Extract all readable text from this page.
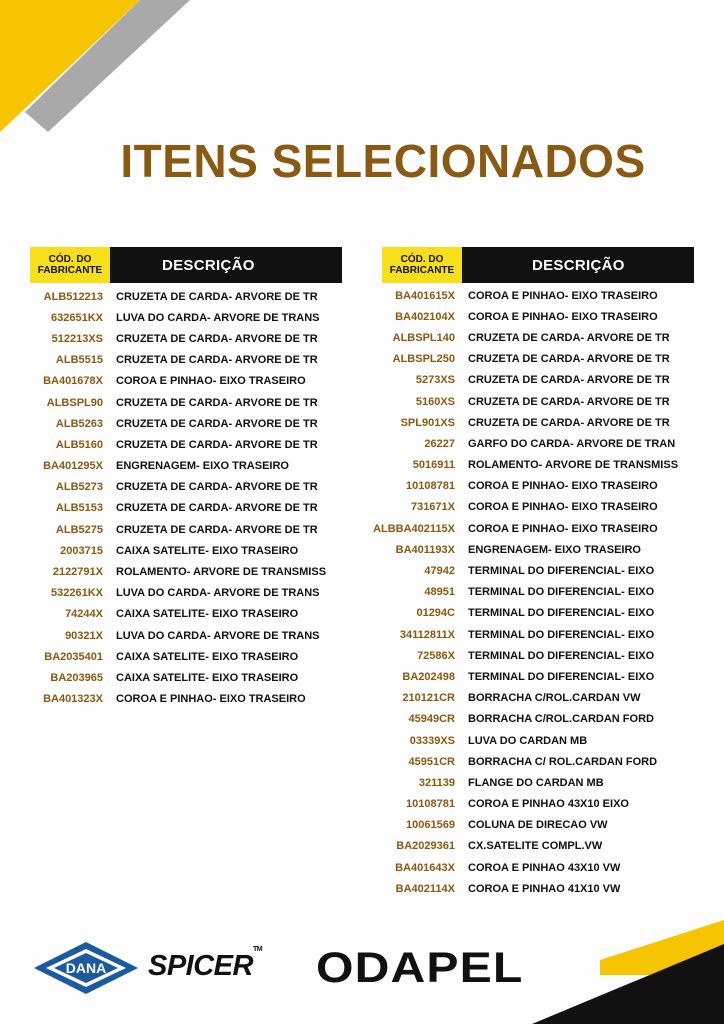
ITENS SELECIONADOS
CÓD. DO
FABRICANTE	DESCRIÇÃO
ALB512213	CRUZETA DE CARDA- ARVORE DE TR
632651KX	LUVA DO CARDA- ARVORE DE TRANS
512213XS	CRUZETA DE CARDA- ARVORE DE TR
ALB5515	CRUZETA DE CARDA- ARVORE DE TR
BA401678X	COROA E PINHAO- EIXO TRASEIRO
ALBSPL90	CRUZETA DE CARDA- ARVORE DE TR
ALB5263	CRUZETA DE CARDA- ARVORE DE TR
ALB5160	CRUZETA DE CARDA- ARVORE DE TR
BA401295X	ENGRENAGEM- EIXO TRASEIRO
ALB5273	CRUZETA DE CARDA- ARVORE DE TR
ALB5153	CRUZETA DE CARDA- ARVORE DE TR
ALB5275	CRUZETA DE CARDA- ARVORE DE TR
2003715	CAIXA SATELITE- EIXO TRASEIRO
2122791X	ROLAMENTO- ARVORE DE TRANSMISS
532261KX	LUVA DO CARDA- ARVORE DE TRANS
74244X	CAIXA SATELITE- EIXO TRASEIRO
90321X	LUVA DO CARDA- ARVORE DE TRANS
BA2035401	CAIXA SATELITE- EIXO TRASEIRO
BA203965	CAIXA SATELITE- EIXO TRASEIRO
BA401323X	COROA E PINHAO- EIXO TRASEIRO
CÓD. DO
FABRICANTE	DESCRIÇÃO
BA401615X	COROA E PINHAO- EIXO TRASEIRO
BA402104X	COROA E PINHAO- EIXO TRASEIRO
ALBSPL140	CRUZETA DE CARDA- ARVORE DE TR
ALBSPL250	CRUZETA DE CARDA- ARVORE DE TR
5273XS	CRUZETA DE CARDA- ARVORE DE TR
5160XS	CRUZETA DE CARDA- ARVORE DE TR
SPL901XS	CRUZETA DE CARDA- ARVORE DE TR
26227	GARFO DO CARDA- ARVORE DE TRAN
5016911	ROLAMENTO- ARVORE DE TRANSMISS
10108781	COROA E PINHAO- EIXO TRASEIRO
731671X	COROA E PINHAO- EIXO TRASEIRO
ALBBA402115X	COROA E PINHAO- EIXO TRASEIRO
BA401193X	ENGRENAGEM- EIXO TRASEIRO
47942	TERMINAL DO DIFERENCIAL- EIXO
48951	TERMINAL DO DIFERENCIAL- EIXO
01294C	TERMINAL DO DIFERENCIAL- EIXO
34112811X	TERMINAL DO DIFERENCIAL- EIXO
72586X	TERMINAL DO DIFERENCIAL- EIXO
BA202498	TERMINAL DO DIFERENCIAL- EIXO
210121CR	BORRACHA C/ROL.CARDAN VW
45949CR	BORRACHA C/ROL.CARDAN FORD
03339XS	LUVA DO CARDAN MB
45951CR	BORRACHA C/ ROL.CARDAN FORD
321139	FLANGE DO CARDAN MB
10108781	COROA E PINHAO 43X10 EIXO
10061569	COLUNA DE DIRECAO VW
BA2029361	CX.SATELITE COMPL.VW
BA401643X	COROA E PINHAO 43X10 VW
BA402114X	COROA E PINHAO 41X10 VW
DANA SPICER™ ODAPEL
